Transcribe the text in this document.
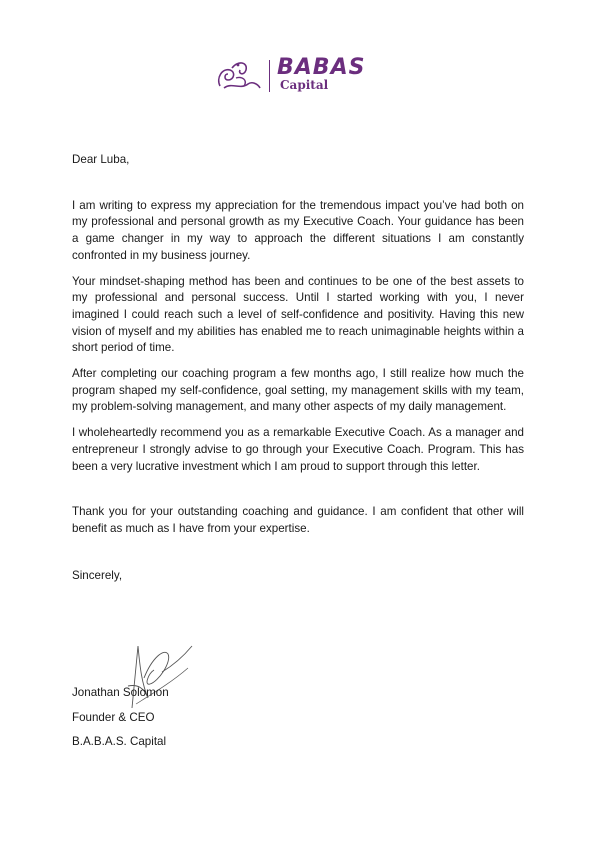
BABAS
Capital

Dear Luba,

I am writing to express my appreciation for the tremendous impact you’ve had both on my professional and personal growth as my Executive Coach. Your guidance has been a game changer in my way to approach the different situations I am constantly confronted in my business journey.

Your mindset-shaping method has been and continues to be one of the best assets to my professional and personal success. Until I started working with you, I never imagined I could reach such a level of self-confidence and positivity. Having this new vision of myself and my abilities has enabled me to reach unimaginable heights within a short period of time.

After completing our coaching program a few months ago, I still realize how much the program shaped my self-confidence, goal setting, my management skills with my team, my problem-solving management, and many other aspects of my daily management.

I wholeheartedly recommend you as a remarkable Executive Coach. As a manager and entrepreneur I strongly advise to go through your Executive Coach. Program. This has been a very lucrative investment which I am proud to support through this letter.

Thank you for your outstanding coaching and guidance. I am confident that other will benefit as much as I have from your expertise.

Sincerely,

Jonathan Solomon

Founder & CEO

B.A.B.A.S. Capital
